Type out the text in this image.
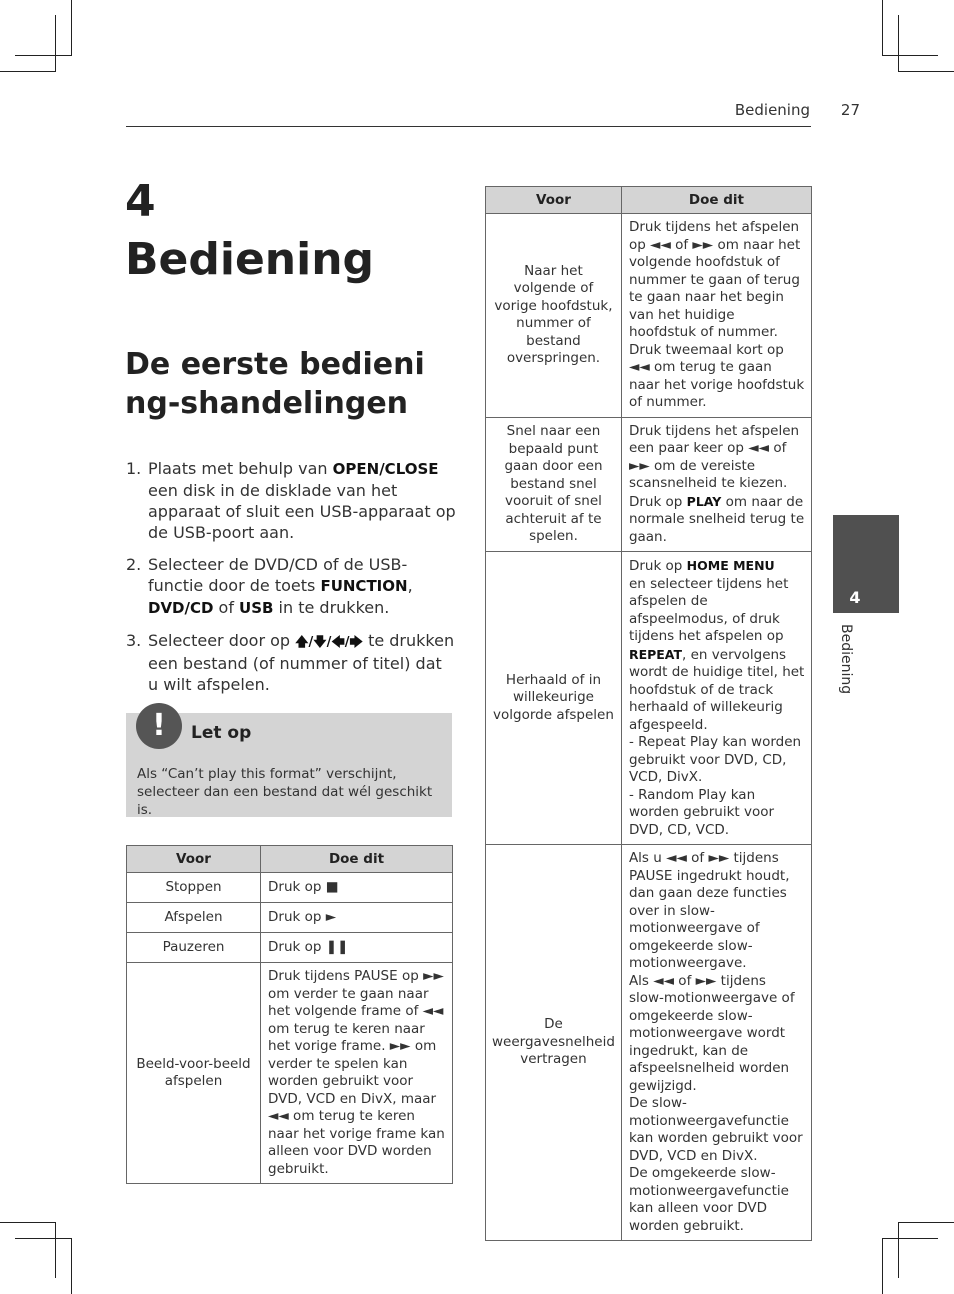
Bediening	27
4
Bediening
De eerste bediening-shandelingen
1. Plaats met behulp van OPEN/CLOSE een disk in de disklade van het apparaat of sluit een USB-apparaat op de USB-poort aan.
2. Selecteer de DVD/CD of de USB-functie door de toets FUNCTION, DVD/CD of USB in te drukken.
3. Selecteer door op 🡅/🡇/🡄/🡆 te drukken een bestand (of nummer of titel) dat u wilt afspelen.
!	Let op
Als “Can’t play this format” verschijnt, selecteer dan een bestand dat wél geschikt is.
Voor	Doe dit
Stoppen	Druk op ■
Afspelen	Druk op ►
Pauzeren	Druk op ❚❚
Beeld-voor-beeld afspelen	Druk tijdens PAUSE op ►► om verder te gaan naar het volgende frame of ◄◄ om terug te keren naar het vorige frame. ►► om verder te spelen kan worden gebruikt voor DVD, VCD en DivX, maar ◄◄ om terug te keren naar het vorige frame kan alleen voor DVD worden gebruikt.
Voor	Doe dit
Naar het volgende of vorige hoofdstuk, nummer of bestand overspringen.	Druk tijdens het afspelen op ◄◄ of ►► om naar het volgende hoofdstuk of nummer te gaan of terug te gaan naar het begin van het huidige hoofdstuk of nummer.
Druk tweemaal kort op ◄◄ om terug te gaan naar het vorige hoofdstuk of nummer.

Snel naar een bepaald punt gaan door een bestand snel vooruit of snel achteruit af te spelen.	Druk tijdens het afspelen een paar keer op ◄◄ of ►► om de vereiste scansnelheid te kiezen.
Druk op PLAY om naar de normale snelheid terug te gaan.

Herhaald of in willekeurige volgorde afspelen	Druk op HOME MENU
en selecteer tijdens het afspelen de afspeelmodus, of druk tijdens het afspelen op REPEAT, en vervolgens wordt de huidige titel, het hoofdstuk of de track herhaald of willekeurig afgespeeld.
- Repeat Play kan worden gebruikt voor DVD, CD, VCD, DivX.
- Random Play kan worden gebruikt voor DVD, CD, VCD.

De weergavesnelheid vertragen	Als u ◄◄ of ►► tijdens PAUSE ingedrukt houdt, dan gaan deze functies over in slow-motionweergave of omgekeerde slow-motionweergave.
Als ◄◄ of ►► tijdens slow-motionweergave of omgekeerde slow-motionweergave wordt ingedrukt, kan de afspeelsnelheid worden gewijzigd.
De slow-motionweergavefunctie kan worden gebruikt voor DVD, VCD en DivX.
De omgekeerde slow-motionweergavefunctie kan alleen voor DVD worden gebruikt.
4
Bediening
